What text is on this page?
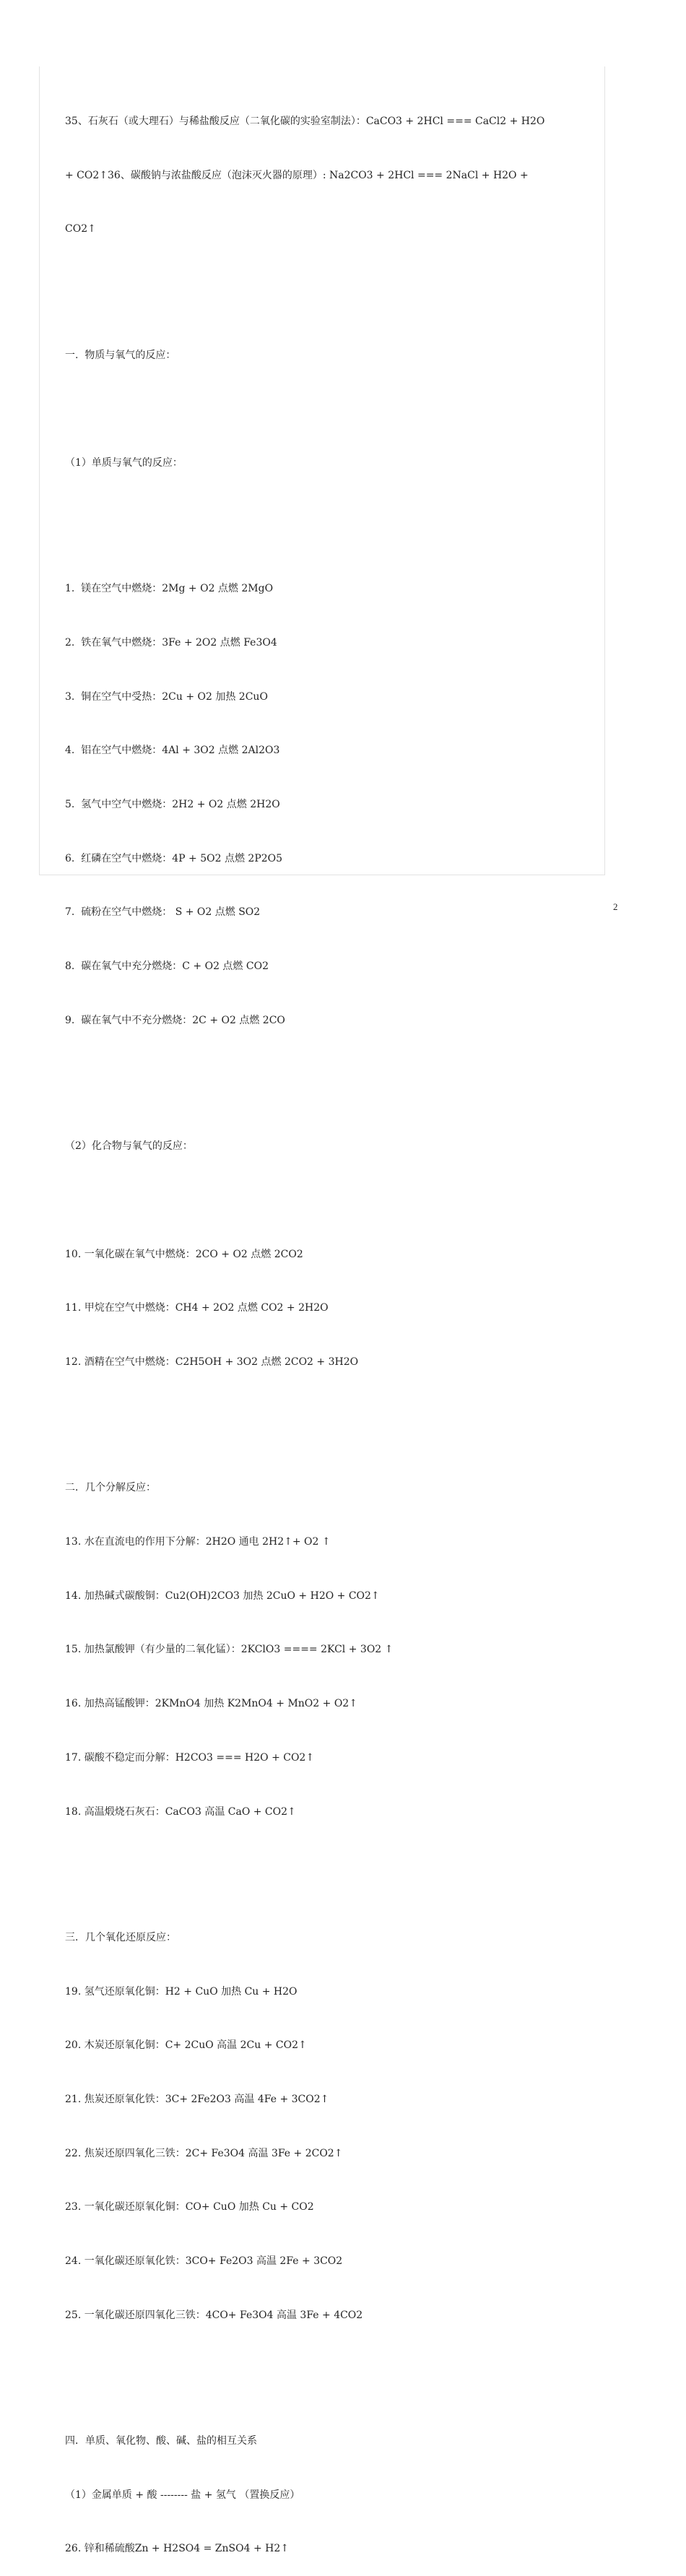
35、石灰石（或大理石）与稀盐酸反应（二氧化碳的实验室制法）：CaCO3 + 2HCl === CaCl2 + H2O

+ CO2↑36、碳酸钠与浓盐酸反应（泡沫灭火器的原理）: Na2CO3 + 2HCl === 2NaCl + H2O +

CO2↑

一.  物质与氧气的反应：

（1）单质与氧气的反应：

1.  镁在空气中燃烧：2Mg + O2 点燃 2MgO

2.  铁在氧气中燃烧：3Fe + 2O2 点燃 Fe3O4

3.  铜在空气中受热：2Cu + O2 加热 2CuO

4.  铝在空气中燃烧：4Al + 3O2 点燃 2Al2O3

5.  氢气中空气中燃烧：2H2 + O2 点燃 2H2O

6.  红磷在空气中燃烧：4P + 5O2 点燃 2P2O5

7.  硫粉在空气中燃烧： S + O2 点燃 SO2

8.  碳在氧气中充分燃烧：C + O2 点燃 CO2

9.  碳在氧气中不充分燃烧：2C + O2 点燃 2CO

（2）化合物与氧气的反应：

10. 一氧化碳在氧气中燃烧：2CO + O2 点燃 2CO2

11. 甲烷在空气中燃烧：CH4 + 2O2 点燃 CO2 + 2H2O

12. 酒精在空气中燃烧：C2H5OH + 3O2 点燃 2CO2 + 3H2O

二．几个分解反应：

13. 水在直流电的作用下分解：2H2O 通电 2H2↑+ O2 ↑

14. 加热碱式碳酸铜：Cu2(OH)2CO3 加热 2CuO + H2O + CO2↑

15. 加热氯酸钾（有少量的二氧化锰）：2KClO3 ==== 2KCl + 3O2 ↑

16. 加热高锰酸钾：2KMnO4 加热 K2MnO4 + MnO2 + O2↑

17. 碳酸不稳定而分解：H2CO3 === H2O + CO2↑

18. 高温煅烧石灰石：CaCO3 高温 CaO + CO2↑

三．几个氧化还原反应：

19. 氢气还原氧化铜：H2 + CuO 加热 Cu + H2O

20. 木炭还原氧化铜：C+ 2CuO 高温 2Cu + CO2↑

21. 焦炭还原氧化铁：3C+ 2Fe2O3 高温 4Fe + 3CO2↑

22. 焦炭还原四氧化三铁：2C+ Fe3O4 高温 3Fe + 2CO2↑

23. 一氧化碳还原氧化铜：CO+ CuO 加热 Cu + CO2

24. 一氧化碳还原氧化铁：3CO+ Fe2O3 高温 2Fe + 3CO2

25. 一氧化碳还原四氧化三铁：4CO+ Fe3O4 高温 3Fe + 4CO2

四．单质、氧化物、酸、碱、盐的相互关系

（1）金属单质 + 酸 -------- 盐 + 氢气 （置换反应）

26. 锌和稀硫酸Zn + H2SO4 = ZnSO4 + H2↑

2
